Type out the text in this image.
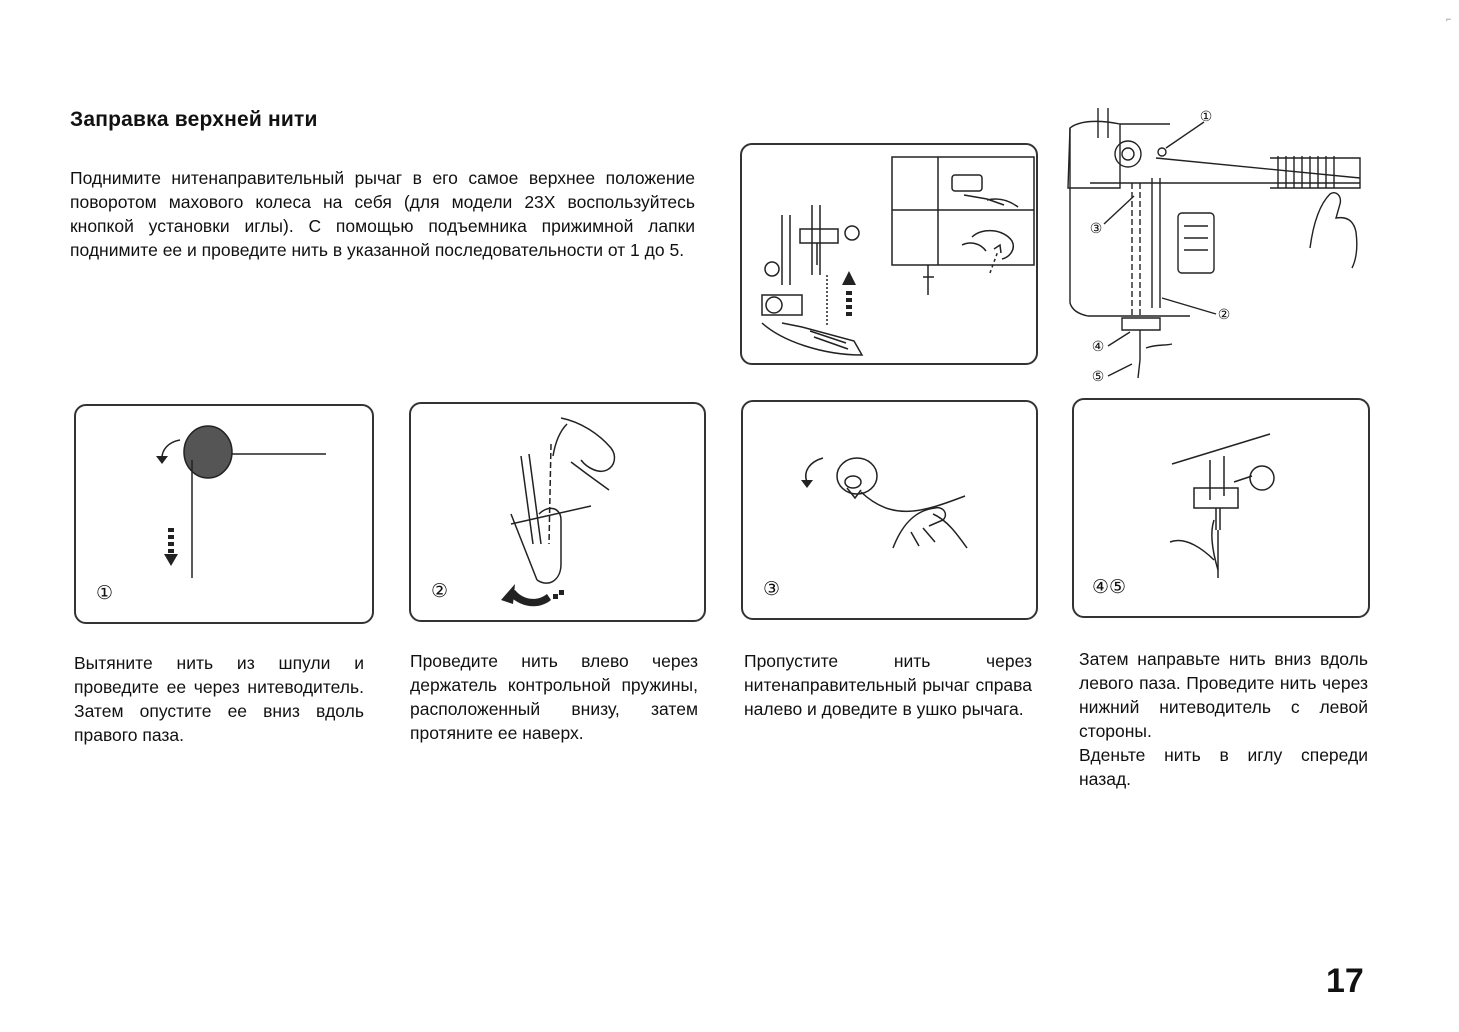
Заправка верхней нити
Поднимите нитенаправительный рычаг в его самое верхнее положение поворотом махового колеса на себя (для модели 23X воспользуйтесь кнопкой установки иглы). С помощью подъемника прижимной лапки поднимите ее и проведите нить в указанной последовательности от 1 до 5.
①
③
②
④
⑤
①	②	③	④⑤

Вытяните нить из шпули и проведите ее через нитеводитель. Затем опустите ее вниз вдоль правого паза.

Проведите нить влево через держатель контрольной пружины, расположенный внизу, затем протяните ее наверх.

Пропустите нить через нитенаправительный рычаг справа налево и доведите в ушко рычага.

Затем направьте нить вниз вдоль левого паза. Проведите нить через нижний нитеводитель с левой стороны.

Вденьте нить в иглу спереди назад.

17
⌐
